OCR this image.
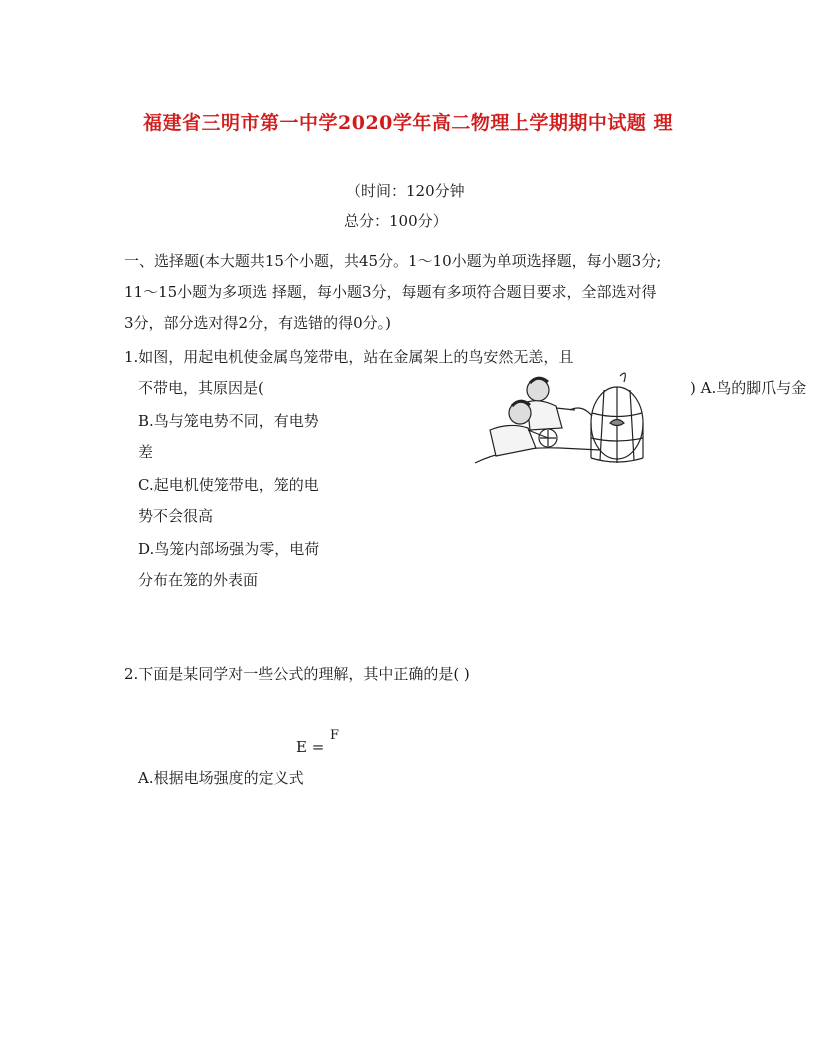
福建省三明市第一中学2020学年高二物理上学期期中试题 理
（时间：120分钟
总分：100分）
一、选择题(本大题共15个小题，共45分。1～10小题为单项选择题，每小题3分;
11～15小题为多项选 择题，每小题3分，每题有多项符合题目要求，全部选对得
3分，部分选对得2分，有选错的得0分。)
1.如图，用起电机使金属鸟笼带电，站在金属架上的鸟安然无恙，且
不带电，其原因是(	) A.鸟的脚爪与金
B.鸟与笼电势不同，有电势
差
C.起电机使笼带电，笼的电
势不会很高
D.鸟笼内部场强为零，电荷
分布在笼的外表面
2.下面是某同学对一些公式的理解，其中正确的是( )
E =
F
A.根据电场强度的定义式
